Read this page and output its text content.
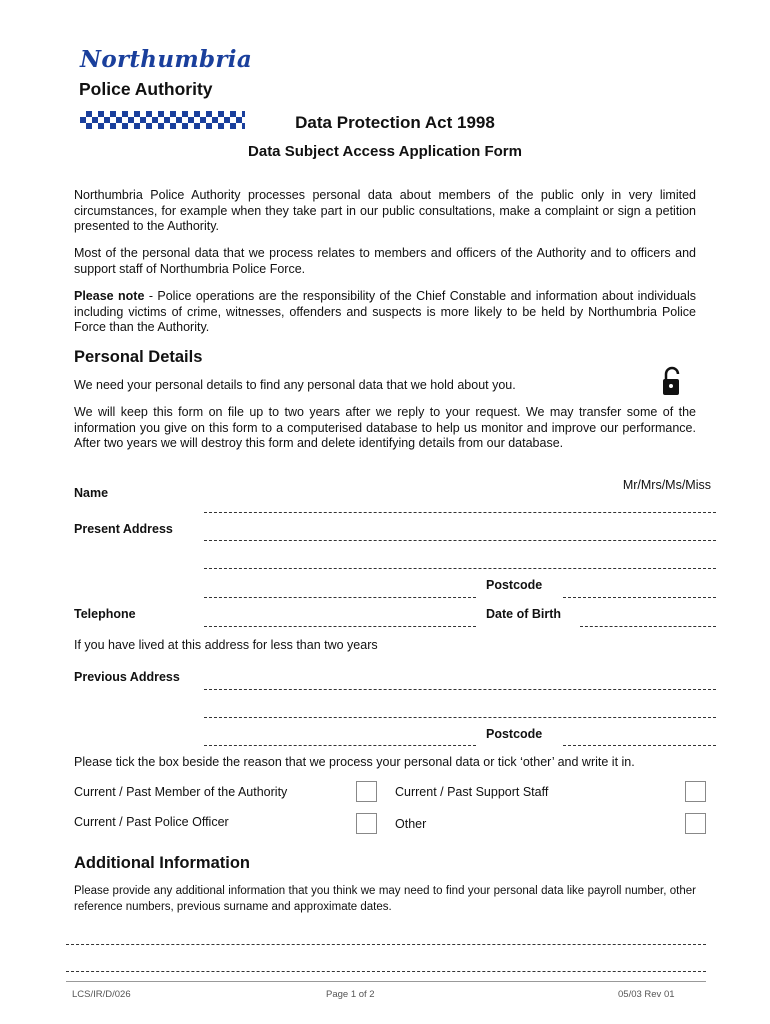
Northumbria
Police Authority
Data Protection Act 1998
Data Subject Access Application Form
Northumbria Police Authority processes personal data about members of the public only in very limited circumstances, for example when they take part in our public consultations, make a complaint or sign a petition presented to the Authority.
Most of the personal data that we process relates to members and officers of the Authority and to officers and support staff of Northumbria Police Force.
Please note - Police operations are the responsibility of the Chief Constable and information about individuals including victims of crime, witnesses, offenders and suspects is more likely to be held by Northumbria Police Force than the Authority.
Personal Details
We need your personal details to find any personal data that we hold about you.
We will keep this form on file up to two years after we reply to your request. We may transfer some of the information you give on this form to a computerised database to help us monitor and improve our performance. After two years we will destroy this form and delete identifying details from our database.
Name
Mr/Mrs/Ms/Miss
Present Address
Postcode
Telephone	Date of Birth
If you have lived at this address for less than two years
Previous Address
Postcode
Please tick the box beside the reason that we process your personal data or tick ‘other’ and write it in.
Current / Past Member of the Authority	Current / Past Support Staff
Current / Past Police Officer	Other
Additional Information
Please provide any additional information that you think we may need to find your personal data like payroll number, other reference numbers, previous surname and approximate dates.
LCS/IR/D/026	Page 1 of 2	05/03 Rev 01
